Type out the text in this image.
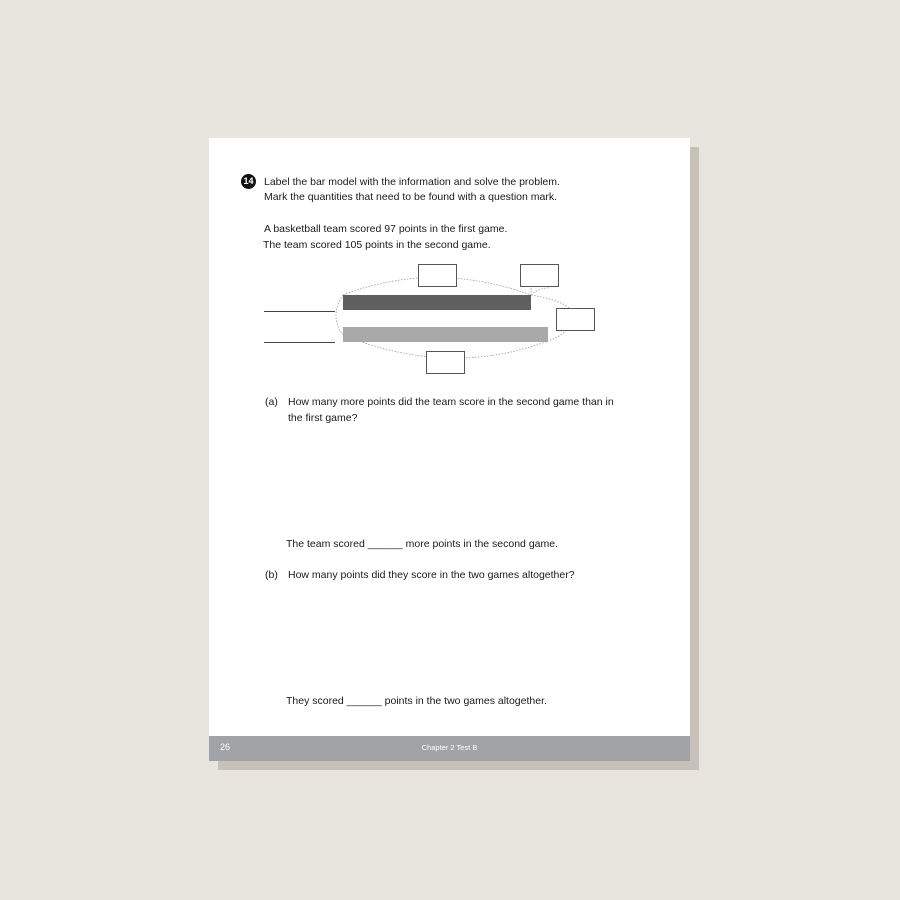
14 Label the bar model with the information and solve the problem.
Mark the quantities that need to be found with a question mark.
A basketball team scored 97 points in the first game.
The team scored 105 points in the second game.
(a) How many more points did the team score in the second game than in
the first game?
The team scored ______ more points in the second game.
(b) How many points did they score in the two games altogether?
They scored ______ points in the two games altogether.
26	Chapter 2 Test B
